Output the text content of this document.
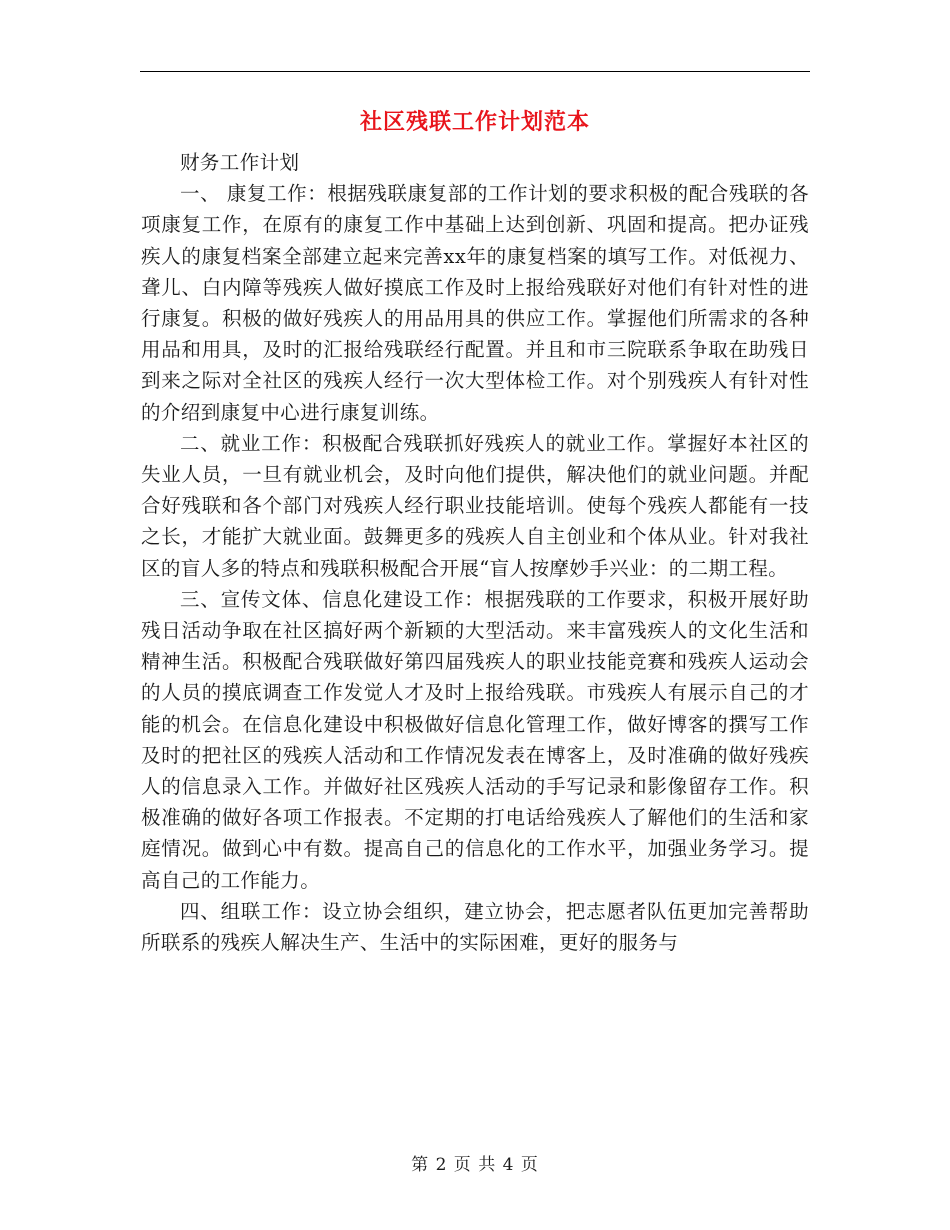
社区残联工作计划范本

财务工作计划

一、 康复工作：根据残联康复部的工作计划的要求积极的配合残联的各项康复工作，在原有的康复工作中基础上达到创新、巩固和提高。把办证残疾人的康复档案全部建立起来完善xx年的康复档案的填写工作。对低视力、聋儿、白内障等残疾人做好摸底工作及时上报给残联好对他们有针对性的进行康复。积极的做好残疾人的用品用具的供应工作。掌握他们所需求的各种用品和用具，及时的汇报给残联经行配置。并且和市三院联系争取在助残日到来之际对全社区的残疾人经行一次大型体检工作。对个别残疾人有针对性的介绍到康复中心进行康复训练。

二、就业工作：积极配合残联抓好残疾人的就业工作。掌握好本社区的失业人员，一旦有就业机会，及时向他们提供，解决他们的就业问题。并配合好残联和各个部门对残疾人经行职业技能培训。使每个残疾人都能有一技之长，才能扩大就业面。鼓舞更多的残疾人自主创业和个体从业。针对我社区的盲人多的特点和残联积极配合开展“盲人按摩妙手兴业：的二期工程。

三、宣传文体、信息化建设工作：根据残联的工作要求，积极开展好助残日活动争取在社区搞好两个新颖的大型活动。来丰富残疾人的文化生活和精神生活。积极配合残联做好第四届残疾人的职业技能竞赛和残疾人运动会的人员的摸底调查工作发觉人才及时上报给残联。市残疾人有展示自己的才能的机会。在信息化建设中积极做好信息化管理工作，做好博客的撰写工作及时的把社区的残疾人活动和工作情况发表在博客上，及时准确的做好残疾人的信息录入工作。并做好社区残疾人活动的手写记录和影像留存工作。积极准确的做好各项工作报表。不定期的打电话给残疾人了解他们的生活和家庭情况。做到心中有数。提高自己的信息化的工作水平，加强业务学习。提高自己的工作能力。

四、组联工作：设立协会组织，建立协会，把志愿者队伍更加完善帮助所联系的残疾人解决生产、生活中的实际困难，更好的服务与

第 2 页 共 4 页
